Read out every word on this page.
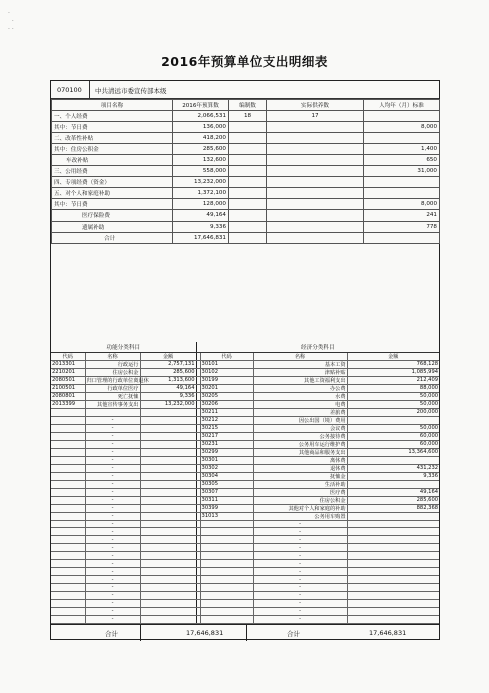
·
·
· ·
2016年预算单位支出明细表
070100 中共清远市委宣传部本级
项目名称	2016年预算数	编制数	实际供养数	人均年（月）标准
一、个人经费	2,066,531	18	17	
其中：节日费	136,000			8,000
二、改革性补贴	418,200			
其中：住房公积金	285,600			1,400
车改补贴	132,600			650
三、公用经费	558,000			31,000
四、专项经费（资金）	13,232,000			
五、对个人和家庭补助	1,372,100			
其中：节日费	128,000			8,000
医疗保险费	49,164			241
遗属补助	9,336			778
合计	17,646,831			
功能分类科目			经济分类科目			
代码	名称	金额		代码	名称	金额
2013301	行政运行	2,757,131		30101	基本工资	768,128
2210201	住房公积金	285,600		30102	津贴补贴	1,085,994
2080501	归口管理的行政单位离退休	1,313,600		30199	其他工资福利支出	212,409
2100501	行政单位医疗	49,164		30201	办公费	88,000
2080801	死亡抚恤	9,336		30205	水费	50,000
2013399	其他宣传事务支出	13,232,000		30206	电费	50,000
				30211	差旅费	200,000
	-			30212	因公出国（境）费用	
	-			30215	会议费	50,000
	-			30217	公务接待费	60,000
	-			30231	公务用车运行维护费	60,000
	-			30299	其他商品和服务支出	13,364,600
	-			30301	离休费	
	-			30302	退休费	431,232
	-			30304	抚恤金	9,336
	-			30305	生活补助	
	-			30307	医疗费	49,164
	-			30311	住房公积金	285,600
	-			30399	其他对个人和家庭的补助	882,368
	-			31013	公务用车购置	
	-				-	
	-				-	
	-				-	
	-				-	
	-				-	
	-				-	
	-				-	
	-				-	
	-				-	
	-				-	
	-				-	
	-				-	
	-				-	
合计	17,646,831	合计	17,646,831
